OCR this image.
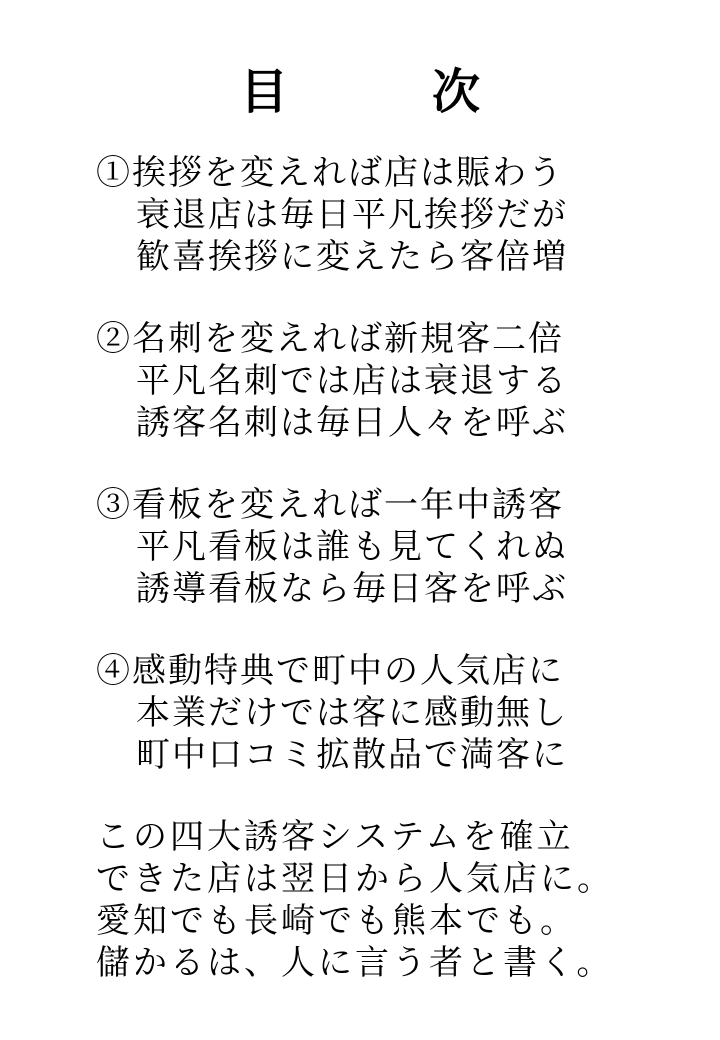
目　次
①挨拶を変えれば店は賑わう
衰退店は毎日平凡挨拶だが
歓喜挨拶に変えたら客倍増
②名刺を変えれば新規客二倍
平凡名刺では店は衰退する
誘客名刺は毎日人々を呼ぶ
③看板を変えれば一年中誘客
平凡看板は誰も見てくれぬ
誘導看板なら毎日客を呼ぶ
④感動特典で町中の人気店に
本業だけでは客に感動無し
町中口コミ拡散品で満客に
この四大誘客システムを確立
できた店は翌日から人気店に。
愛知でも長崎でも熊本でも。
儲かるは、人に言う者と書く。
